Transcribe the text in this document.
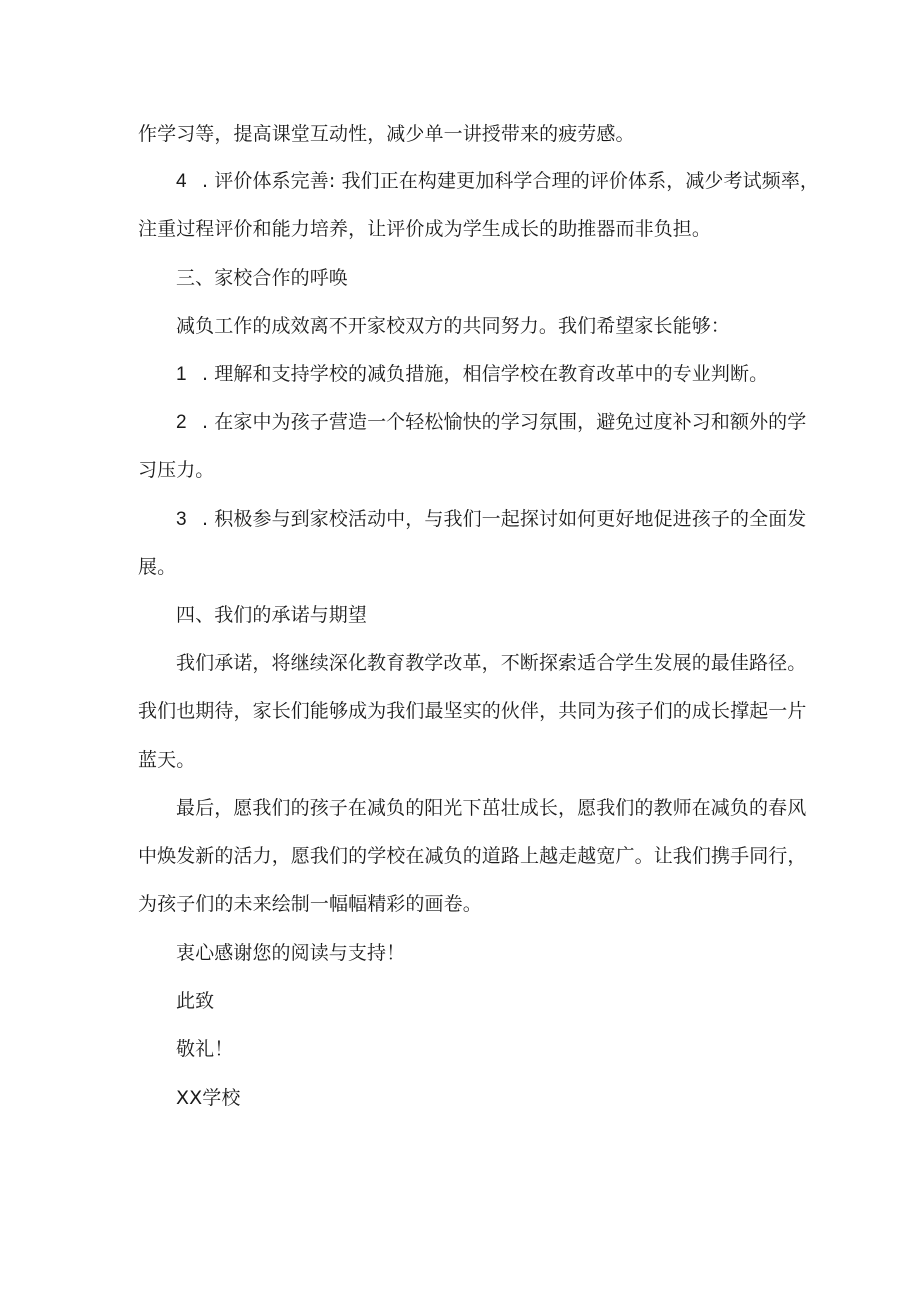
作学习等，提高课堂互动性，减少单一讲授带来的疲劳感。
4 . 评价体系完善: 我们正在构建更加科学合理的评价体系，减少考试频率，
注重过程评价和能力培养，让评价成为学生成长的助推器而非负担。
三、家校合作的呼唤
减负工作的成效离不开家校双方的共同努力。我们希望家长能够：
1 . 理解和支持学校的减负措施，相信学校在教育改革中的专业判断。
2 . 在家中为孩子营造一个轻松愉快的学习氛围，避免过度补习和额外的学
习压力。
3 . 积极参与到家校活动中，与我们一起探讨如何更好地促进孩子的全面发
展。
四、我们的承诺与期望
我们承诺，将继续深化教育教学改革，不断探索适合学生发展的最佳路径。
我们也期待，家长们能够成为我们最坚实的伙伴，共同为孩子们的成长撑起一片
蓝天。
最后，愿我们的孩子在减负的阳光下茁壮成长，愿我们的教师在减负的春风
中焕发新的活力，愿我们的学校在减负的道路上越走越宽广。让我们携手同行，
为孩子们的未来绘制一幅幅精彩的画卷。
衷心感谢您的阅读与支持！
此致
敬礼！
XX学校
